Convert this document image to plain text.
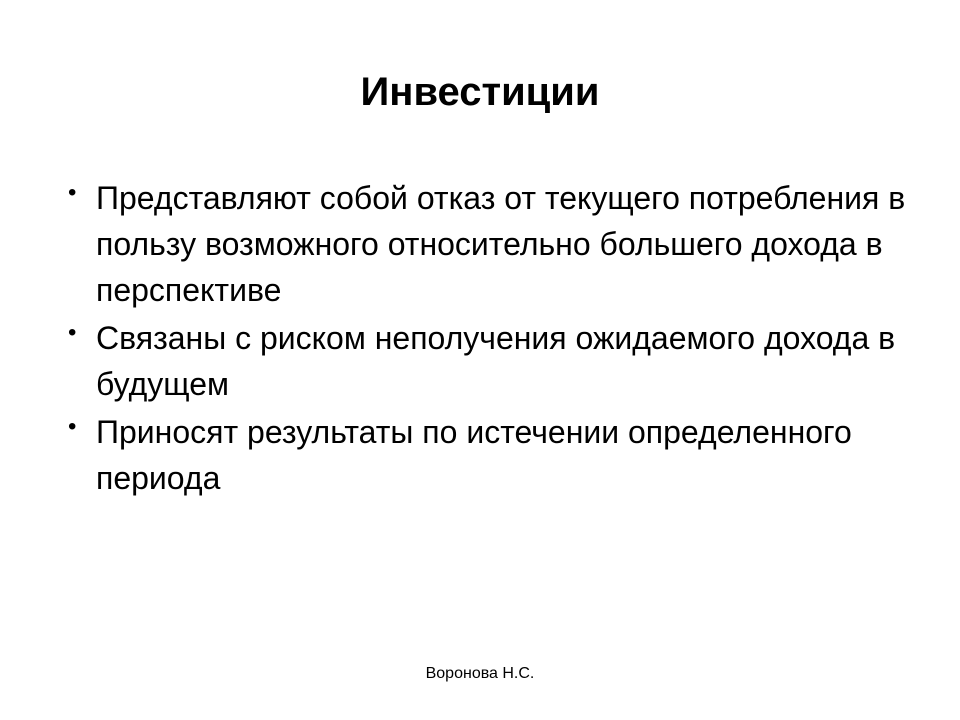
Инвестиции
• Представляют собой отказ от текущего потребления в пользу возможного относительно большего дохода в перспективе
• Связаны с риском неполучения ожидаемого дохода в будущем
• Приносят результаты по истечении определенного периода
Воронова Н.С.
